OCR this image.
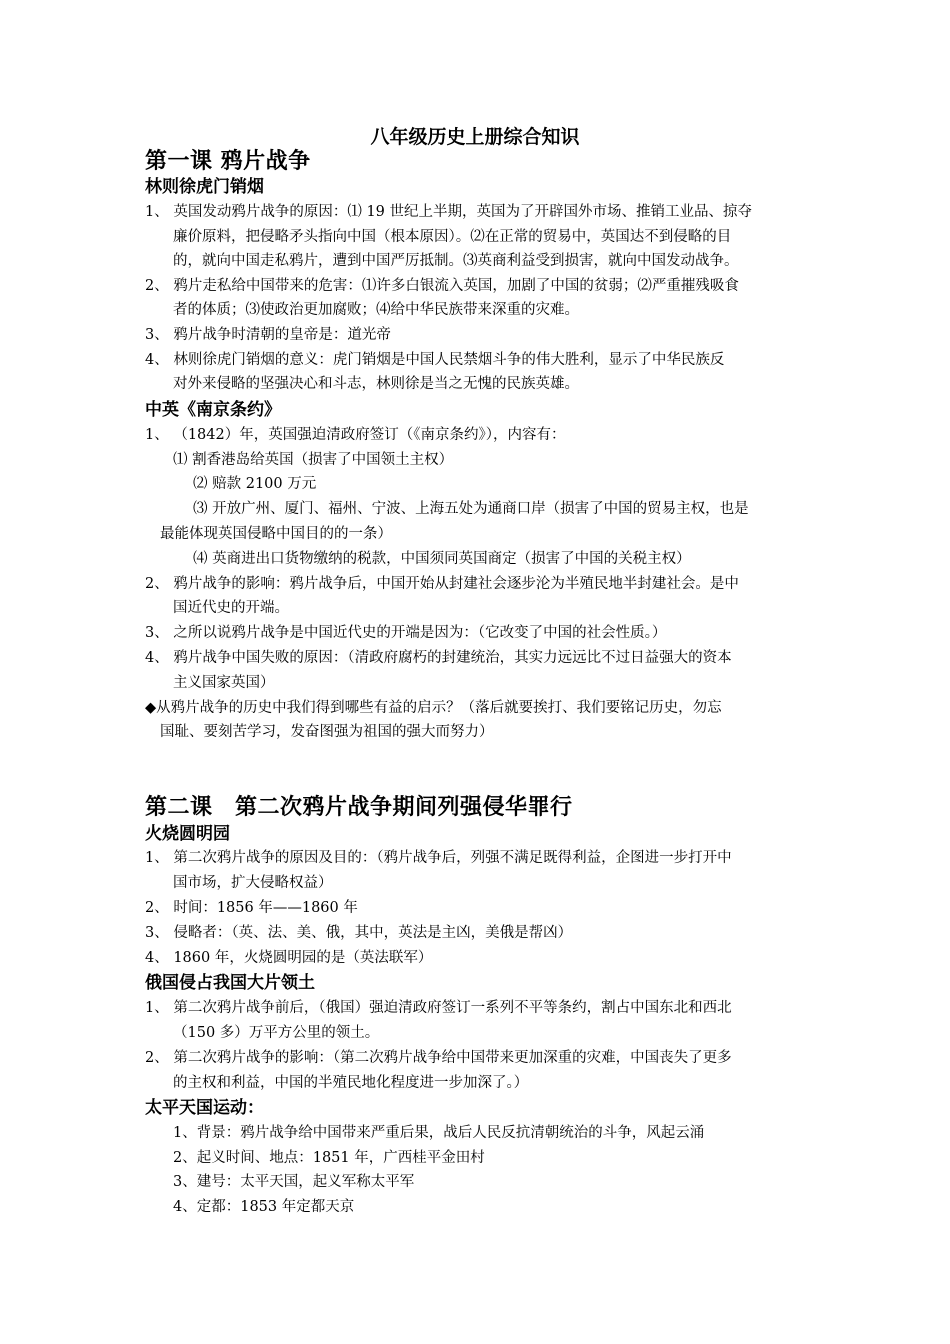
八年级历史上册综合知识
第一课 鸦片战争
林则徐虎门销烟
1、 英国发动鸦片战争的原因：⑴ 19 世纪上半期，英国为了开辟国外市场、推销工业品、掠夺
廉价原料，把侵略矛头指向中国（根本原因）。⑵在正常的贸易中，英国达不到侵略的目
的，就向中国走私鸦片，遭到中国严厉抵制。⑶英商利益受到损害，就向中国发动战争。
2、 鸦片走私给中国带来的危害：⑴许多白银流入英国，加剧了中国的贫弱；⑵严重摧残吸食
者的体质；⑶使政治更加腐败；⑷给中华民族带来深重的灾难。
3、 鸦片战争时清朝的皇帝是：道光帝
4、 林则徐虎门销烟的意义：虎门销烟是中国人民禁烟斗争的伟大胜利，显示了中华民族反
对外来侵略的坚强决心和斗志，林则徐是当之无愧的民族英雄。
中英《南京条约》
1、 （1842）年，英国强迫清政府签订（《南京条约》），内容有：
⑴ 割香港岛给英国（损害了中国领土主权）
⑵ 赔款 2100 万元
⑶ 开放广州、厦门、福州、宁波、上海五处为通商口岸（损害了中国的贸易主权，也是
最能体现英国侵略中国目的的一条）
⑷ 英商进出口货物缴纳的税款，中国须同英国商定（损害了中国的关税主权）
2、 鸦片战争的影响：鸦片战争后，中国开始从封建社会逐步沦为半殖民地半封建社会。是中
国近代史的开端。
3、 之所以说鸦片战争是中国近代史的开端是因为：（它改变了中国的社会性质。）
4、 鸦片战争中国失败的原因：（清政府腐朽的封建统治，其实力远远比不过日益强大的资本
主义国家英国）
◆从鸦片战争的历史中我们得到哪些有益的启示？（落后就要挨打、我们要铭记历史，勿忘
国耻、要刻苦学习，发奋图强为祖国的强大而努力）
第二课　第二次鸦片战争期间列强侵华罪行
火烧圆明园
1、 第二次鸦片战争的原因及目的：（鸦片战争后，列强不满足既得利益，企图进一步打开中
国市场，扩大侵略权益）
2、 时间：1856 年——1860 年
3、 侵略者：（英、法、美、俄，其中，英法是主凶，美俄是帮凶）
4、 1860 年，火烧圆明园的是（英法联军）
俄国侵占我国大片领土
1、 第二次鸦片战争前后，（俄国）强迫清政府签订一系列不平等条约，割占中国东北和西北
（150 多）万平方公里的领土。
2、 第二次鸦片战争的影响：（第二次鸦片战争给中国带来更加深重的灾难，中国丧失了更多
的主权和利益，中国的半殖民地化程度进一步加深了。）
太平天国运动：
1、背景：鸦片战争给中国带来严重后果，战后人民反抗清朝统治的斗争，风起云涌
2、起义时间、地点：1851 年，广西桂平金田村
3、建号：太平天国，起义军称太平军
4、定都：1853 年定都天京
